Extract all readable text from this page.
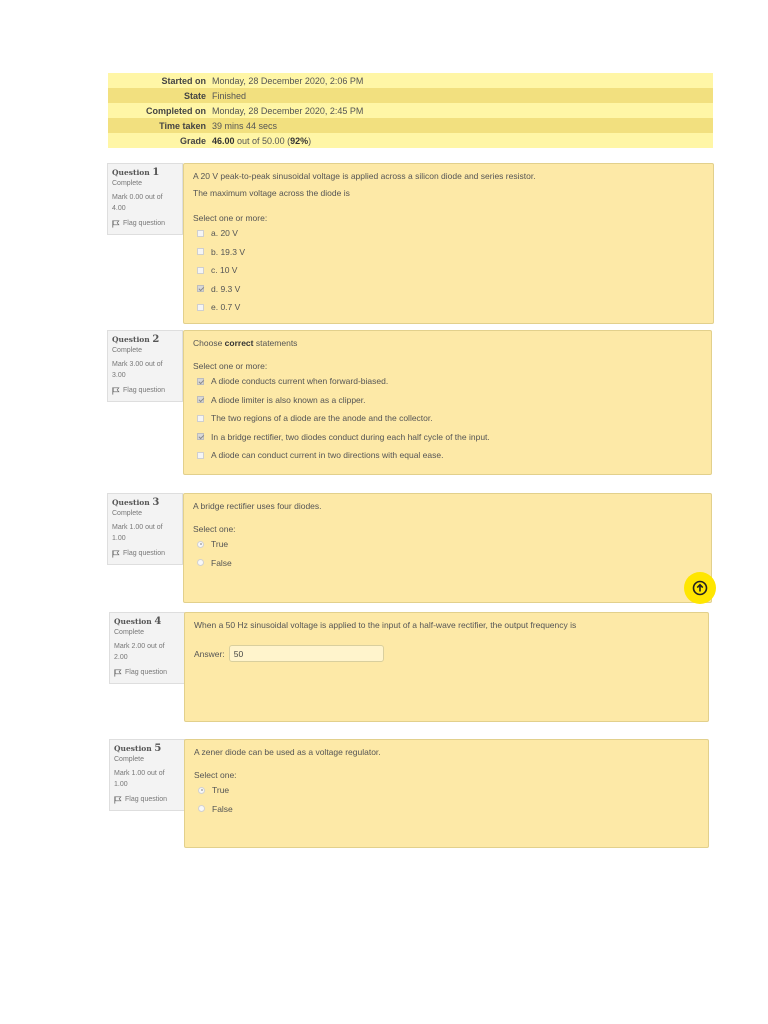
Started on Monday, 28 December 2020, 2:06 PM
State Finished
Completed on Monday, 28 December 2020, 2:45 PM
Time taken 39 mins 44 secs
Grade 46.00 out of 50.00 (92%)
Question 1
Complete
Mark 0.00 out of 4.00
Flag question
A 20 V peak-to-peak sinusoidal voltage is applied across a silicon diode and series resistor.
The maximum voltage across the diode is
Select one or more:
a. 20 V
b. 19.3 V
c. 10 V
d. 9.3 V
e. 0.7 V
Question 2
Complete
Mark 3.00 out of 3.00
Flag question
Choose correct statements
Select one or more:
A diode conducts current when forward-biased.
A diode limiter is also known as a clipper.
The two regions of a diode are the anode and the collector.
In a bridge rectifier, two diodes conduct during each half cycle of the input.
A diode can conduct current in two directions with equal ease.
Question 3
Complete
Mark 1.00 out of 1.00
Flag question
A bridge rectifier uses four diodes.
Select one:
True
False
Question 4
Complete
Mark 2.00 out of 2.00
Flag question
When a 50 Hz sinusoidal voltage is applied to the input of a half-wave rectifier, the output frequency is
Answer:	50
Question 5
Complete
Mark 1.00 out of 1.00
Flag question
A zener diode can be used as a voltage regulator.
Select one:
True
False
